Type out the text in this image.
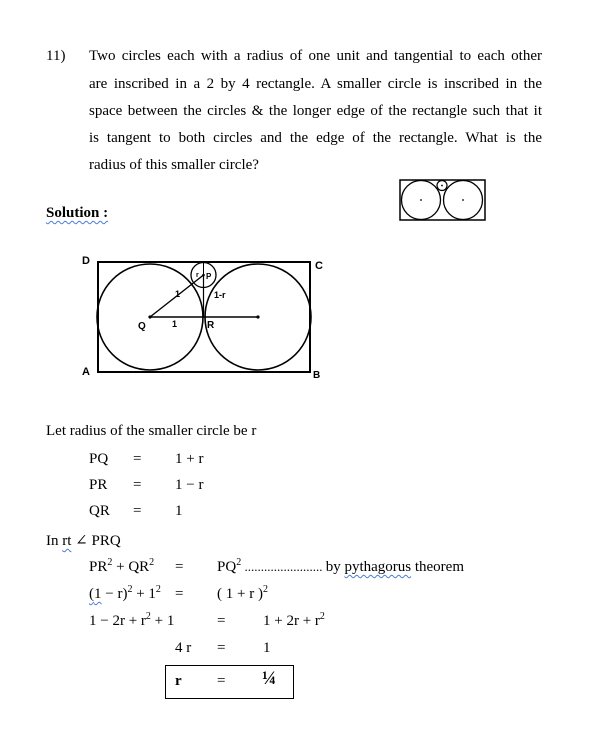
11) Two circles each with a radius of one unit and tangential to each other
are inscribed in a 2 by 4 rectangle. A smaller circle is inscribed in the
space between the circles & the longer edge of the rectangle such that it
is tangent to both circles and the edge of the rectangle. What is the
radius of this smaller circle?
Solution :
D	C
A	B
Q	R
P
1
1
1-r
r
Let radius of the smaller circle be r
PQ = 1 + r
PR = 1 − r
QR = 1
In rt ∠ PRQ
$PR^2 + QR^2 = PQ^2$ ........................ by pythagorus theorem
$(1 - r)^2 + 1^2$ = ( 1 + r )$^2$
$1 - 2r + r^2 + 1$	=	$1 + 2r + r^2$
4 r =	1
r = ¼
